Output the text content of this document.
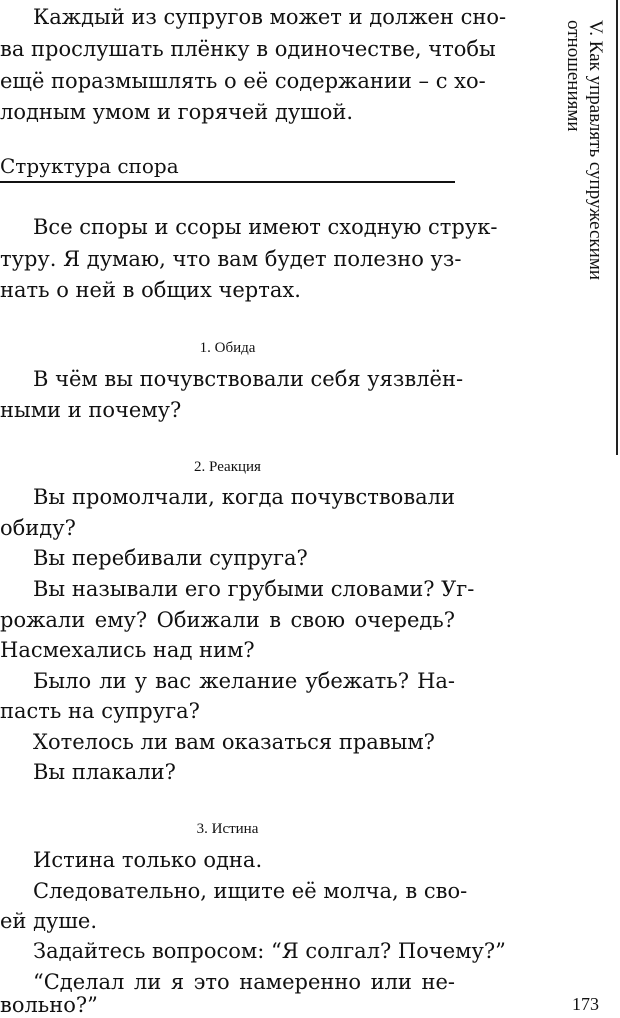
Каждый из супругов может и должен сно-
ва прослушать плёнку в одиночестве, чтобы
ещё поразмышлять о её содержании – с хо-
лодным умом и горячей душой.
Структура спора
Все споры и ссоры имеют сходную струк-
туру. Я думаю, что вам будет полезно уз-
нать о ней в общих чертах.
1. Обида
В чём вы почувствовали себя уязвлён-
ными и почему?
2. Реакция
Вы промолчали, когда почувствовали
обиду?
Вы перебивали супруга?
Вы называли его грубыми словами? Уг-
рожали ему? Обижали в свою очередь?
Насмехались над ним?
Было ли у вас желание убежать? На-
пасть на супруга?
Хотелось ли вам оказаться правым?
Вы плакали?
3. Истина
Истина только одна.
Следовательно, ищите её молча, в сво-
ей душе.
Задайтесь вопросом: “Я солгал? Почему?”
“Сделал ли я это намеренно или не-
вольно?”
V. Как управлять супружескими
отношениями
173
